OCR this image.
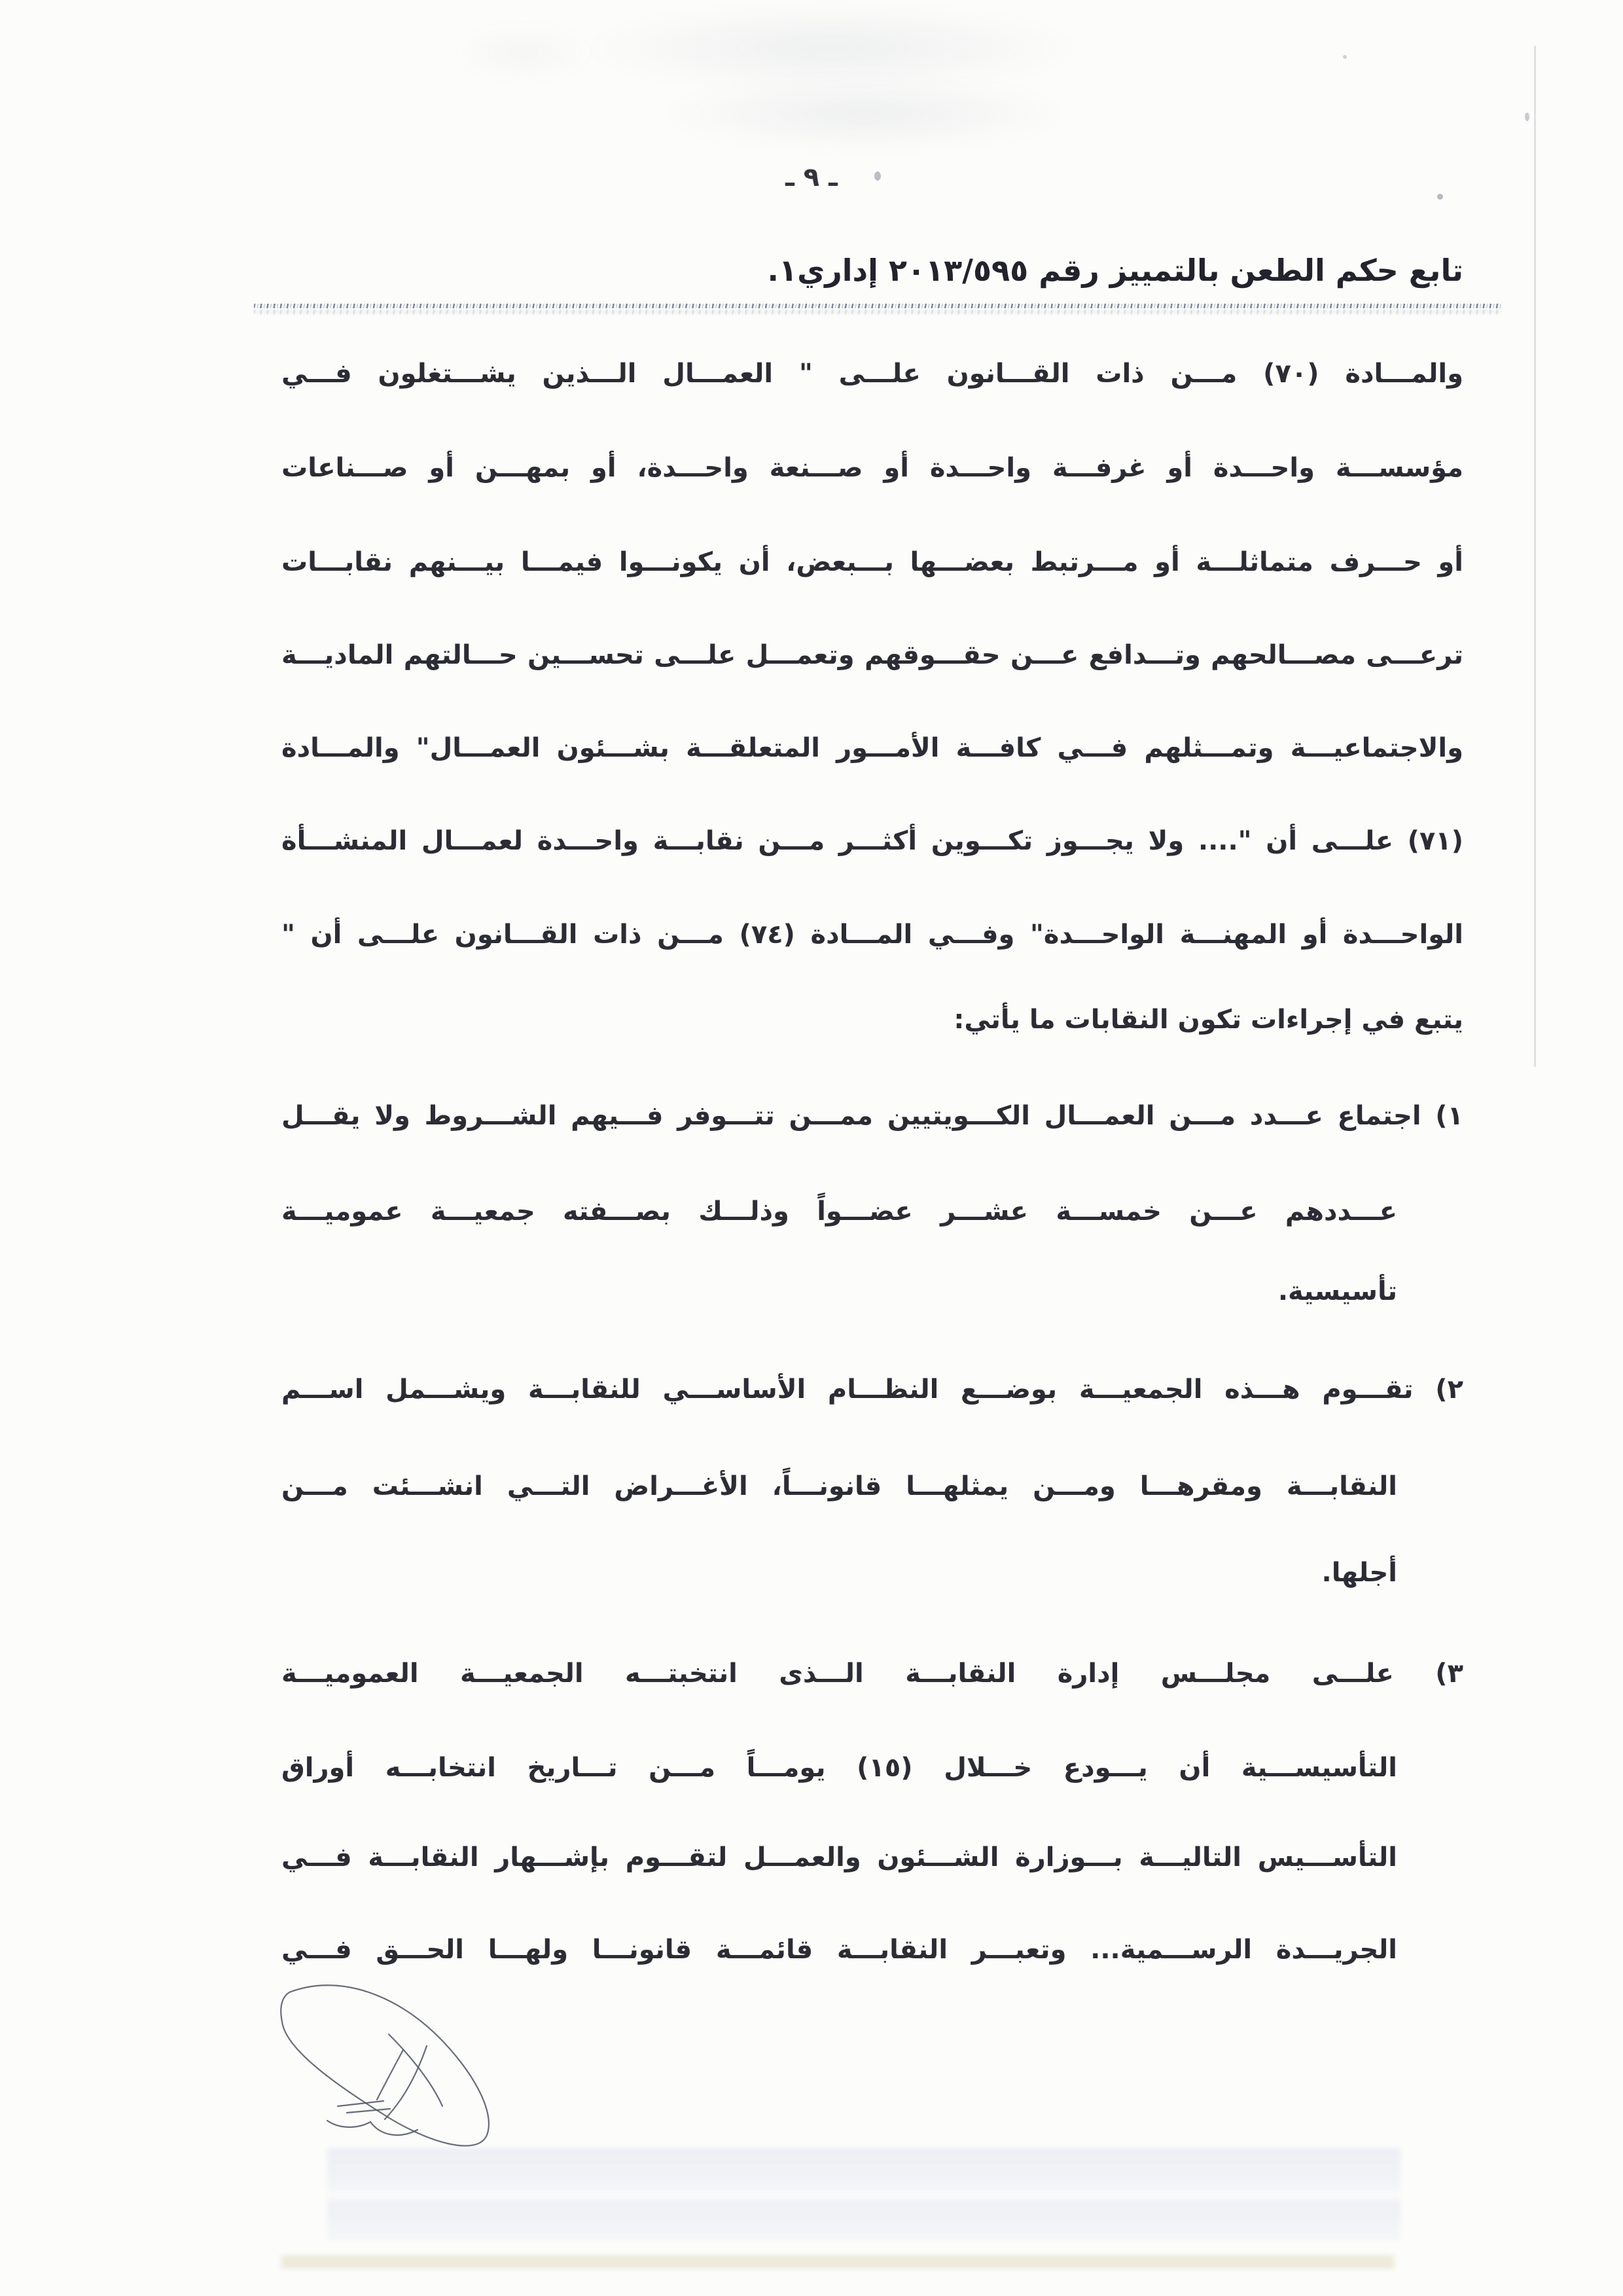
ـ ٩ ـ
تابع حكم الطعن بالتمييز رقم ٢٠١٣/٥٩٥ إداري١.
والمـــادة (٧٠) مـــن ذات القـــانون علـــى " العمـــال الـــذين يشـــتغلون فـــي
مؤسســـة واحـــدة أو غرفـــة واحـــدة أو صـــنعة واحـــدة، أو بمهـــن أو صـــناعات
أو حـــرف متماثلـــة أو مـــرتبط بعضـــها بـــبعض، أن يكونـــوا فيمـــا بيـــنهم نقابـــات
ترعـــى مصـــالحهم وتـــدافع عـــن حقـــوقهم وتعمـــل علـــى تحســـين حـــالتهم الماديـــة
والاجتماعيـــة وتمـــثلهم فـــي كافـــة الأمـــور المتعلقـــة بشـــئون العمـــال" والمـــادة
(٧١) علـــى أن ".... ولا يجـــوز تكـــوين أكثـــر مـــن نقابـــة واحـــدة لعمـــال المنشـــأة
الواحـــدة أو المهنـــة الواحـــدة" وفـــي المـــادة (٧٤) مـــن ذات القـــانون علـــى أن "
يتبع في إجراءات تكون النقابات ما يأتي:
١) اجتماع عـــدد مـــن العمـــال الكـــويتيين ممـــن تتـــوفر فـــيهم الشـــروط ولا يقـــل
عـــددهم عـــن خمســـة عشـــر عضـــواً وذلـــك بصـــفته جمعيـــة عموميـــة
تأسيسية.
٢) تقـــوم هـــذه الجمعيـــة بوضـــع النظـــام الأساســـي للنقابـــة ويشـــمل اســـم
النقابـــة ومقرهـــا ومـــن يمثلهـــا قانونـــاً، الأغـــراض التـــي انشـــئت مـــن
أجلها.
٣) علـــى مجلـــس إدارة النقابـــة الـــذى انتخبتـــه الجمعيـــة العموميـــة
التأسيســـية أن يـــودع خـــلال (١٥) يومـــاً مـــن تـــاريخ انتخابـــه أوراق
التأســـيس التاليـــة بـــوزارة الشـــئون والعمـــل لتقـــوم بإشـــهار النقابـــة فـــي
الجريـــدة الرســـمية... وتعبـــر النقابـــة قائمـــة قانونـــا ولهـــا الحـــق فـــي
